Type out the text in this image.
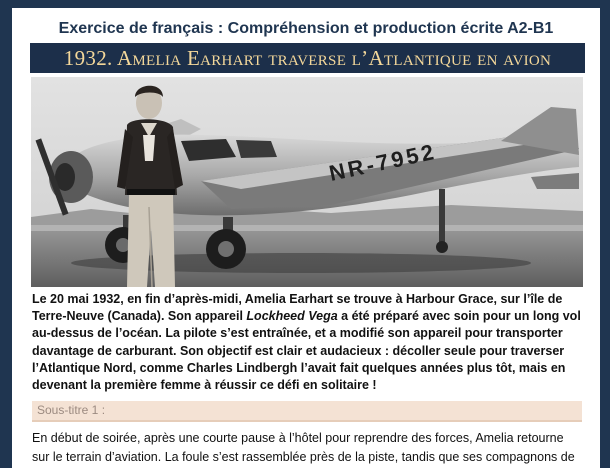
Exercice de français : Compréhension et production écrite A2-B1
1932. Amelia Earhart traverse l’Atlantique en avion
NR-7952
Le 20 mai 1932, en fin d’après-midi, Amelia Earhart se trouve à Harbour Grace, sur l’île de Terre-Neuve (Canada). Son appareil Lockheed Vega a été préparé avec soin pour un long vol au-dessus de l’océan. La pilote s’est entraînée, et a modifié son appareil pour transporter davantage de carburant. Son objectif est clair et audacieux : décoller seule pour traverser l’Atlantique Nord, comme Charles Lindbergh l’avait fait quelques années plus tôt, mais en devenant la première femme à réussir ce défi en solitaire !
Sous-titre 1 :
En début de soirée, après une courte pause à l’hôtel pour reprendre des forces, Amelia retourne sur le terrain d’aviation. La foule s’est rassemblée près de la piste, tandis que ses compagnons de
